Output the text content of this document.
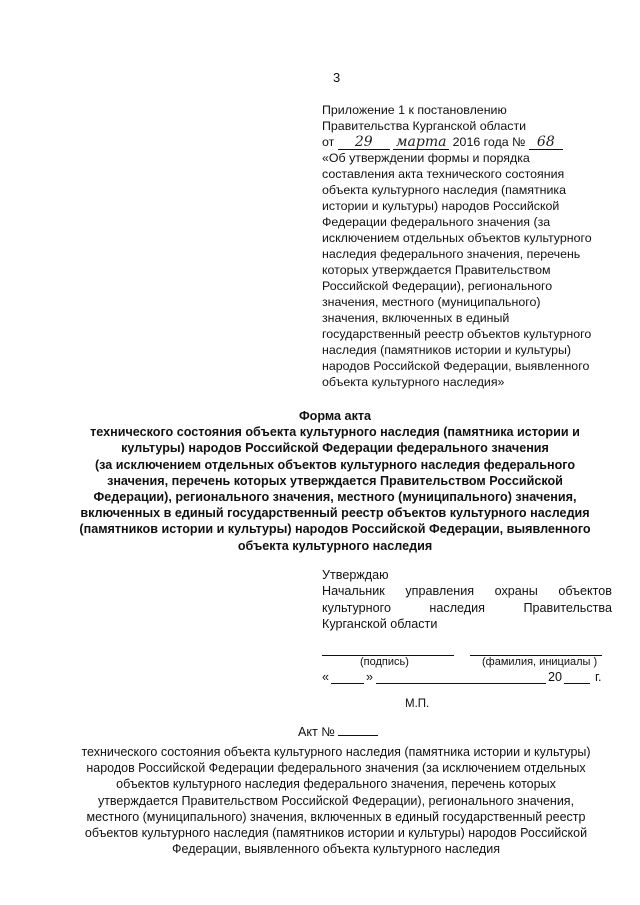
3
Приложение 1 к постановлению
Правительства Курганской области
от 29 марта 2016 года № 68
«Об утверждении формы и порядка
составления акта технического состояния
объекта культурного наследия (памятника
истории и культуры) народов Российской
Федерации федерального значения (за
исключением отдельных объектов культурного
наследия федерального значения, перечень
которых утверждается Правительством
Российской Федерации), регионального
значения, местного (муниципального)
значения, включенных в единый
государственный реестр объектов культурного
наследия (памятников истории и культуры)
народов Российской Федерации, выявленного
объекта культурного наследия»
Форма акта
технического состояния объекта культурного наследия (памятника истории и
культуры) народов Российской Федерации федерального значения
(за исключением отдельных объектов культурного наследия федерального
значения, перечень которых утверждается Правительством Российской
Федерации), регионального значения, местного (муниципального) значения,
включенных в единый государственный реестр объектов культурного наследия
(памятников истории и культуры) народов Российской Федерации, выявленного
объекта культурного наследия
Утверждаю
Начальник управления охраны объектов
культурного наследия Правительства
Курганской области
(подпись)	(фамилия, инициалы )
«	»	20	г.
М.П.
Акт №
технического состояния объекта культурного наследия (памятника истории и культуры)
народов Российской Федерации федерального значения (за исключением отдельных
объектов культурного наследия федерального значения, перечень которых
утверждается Правительством Российской Федерации), регионального значения,
местного (муниципального) значения, включенных в единый государственный реестр
объектов культурного наследия (памятников истории и культуры) народов Российской
Федерации, выявленного объекта культурного наследия
